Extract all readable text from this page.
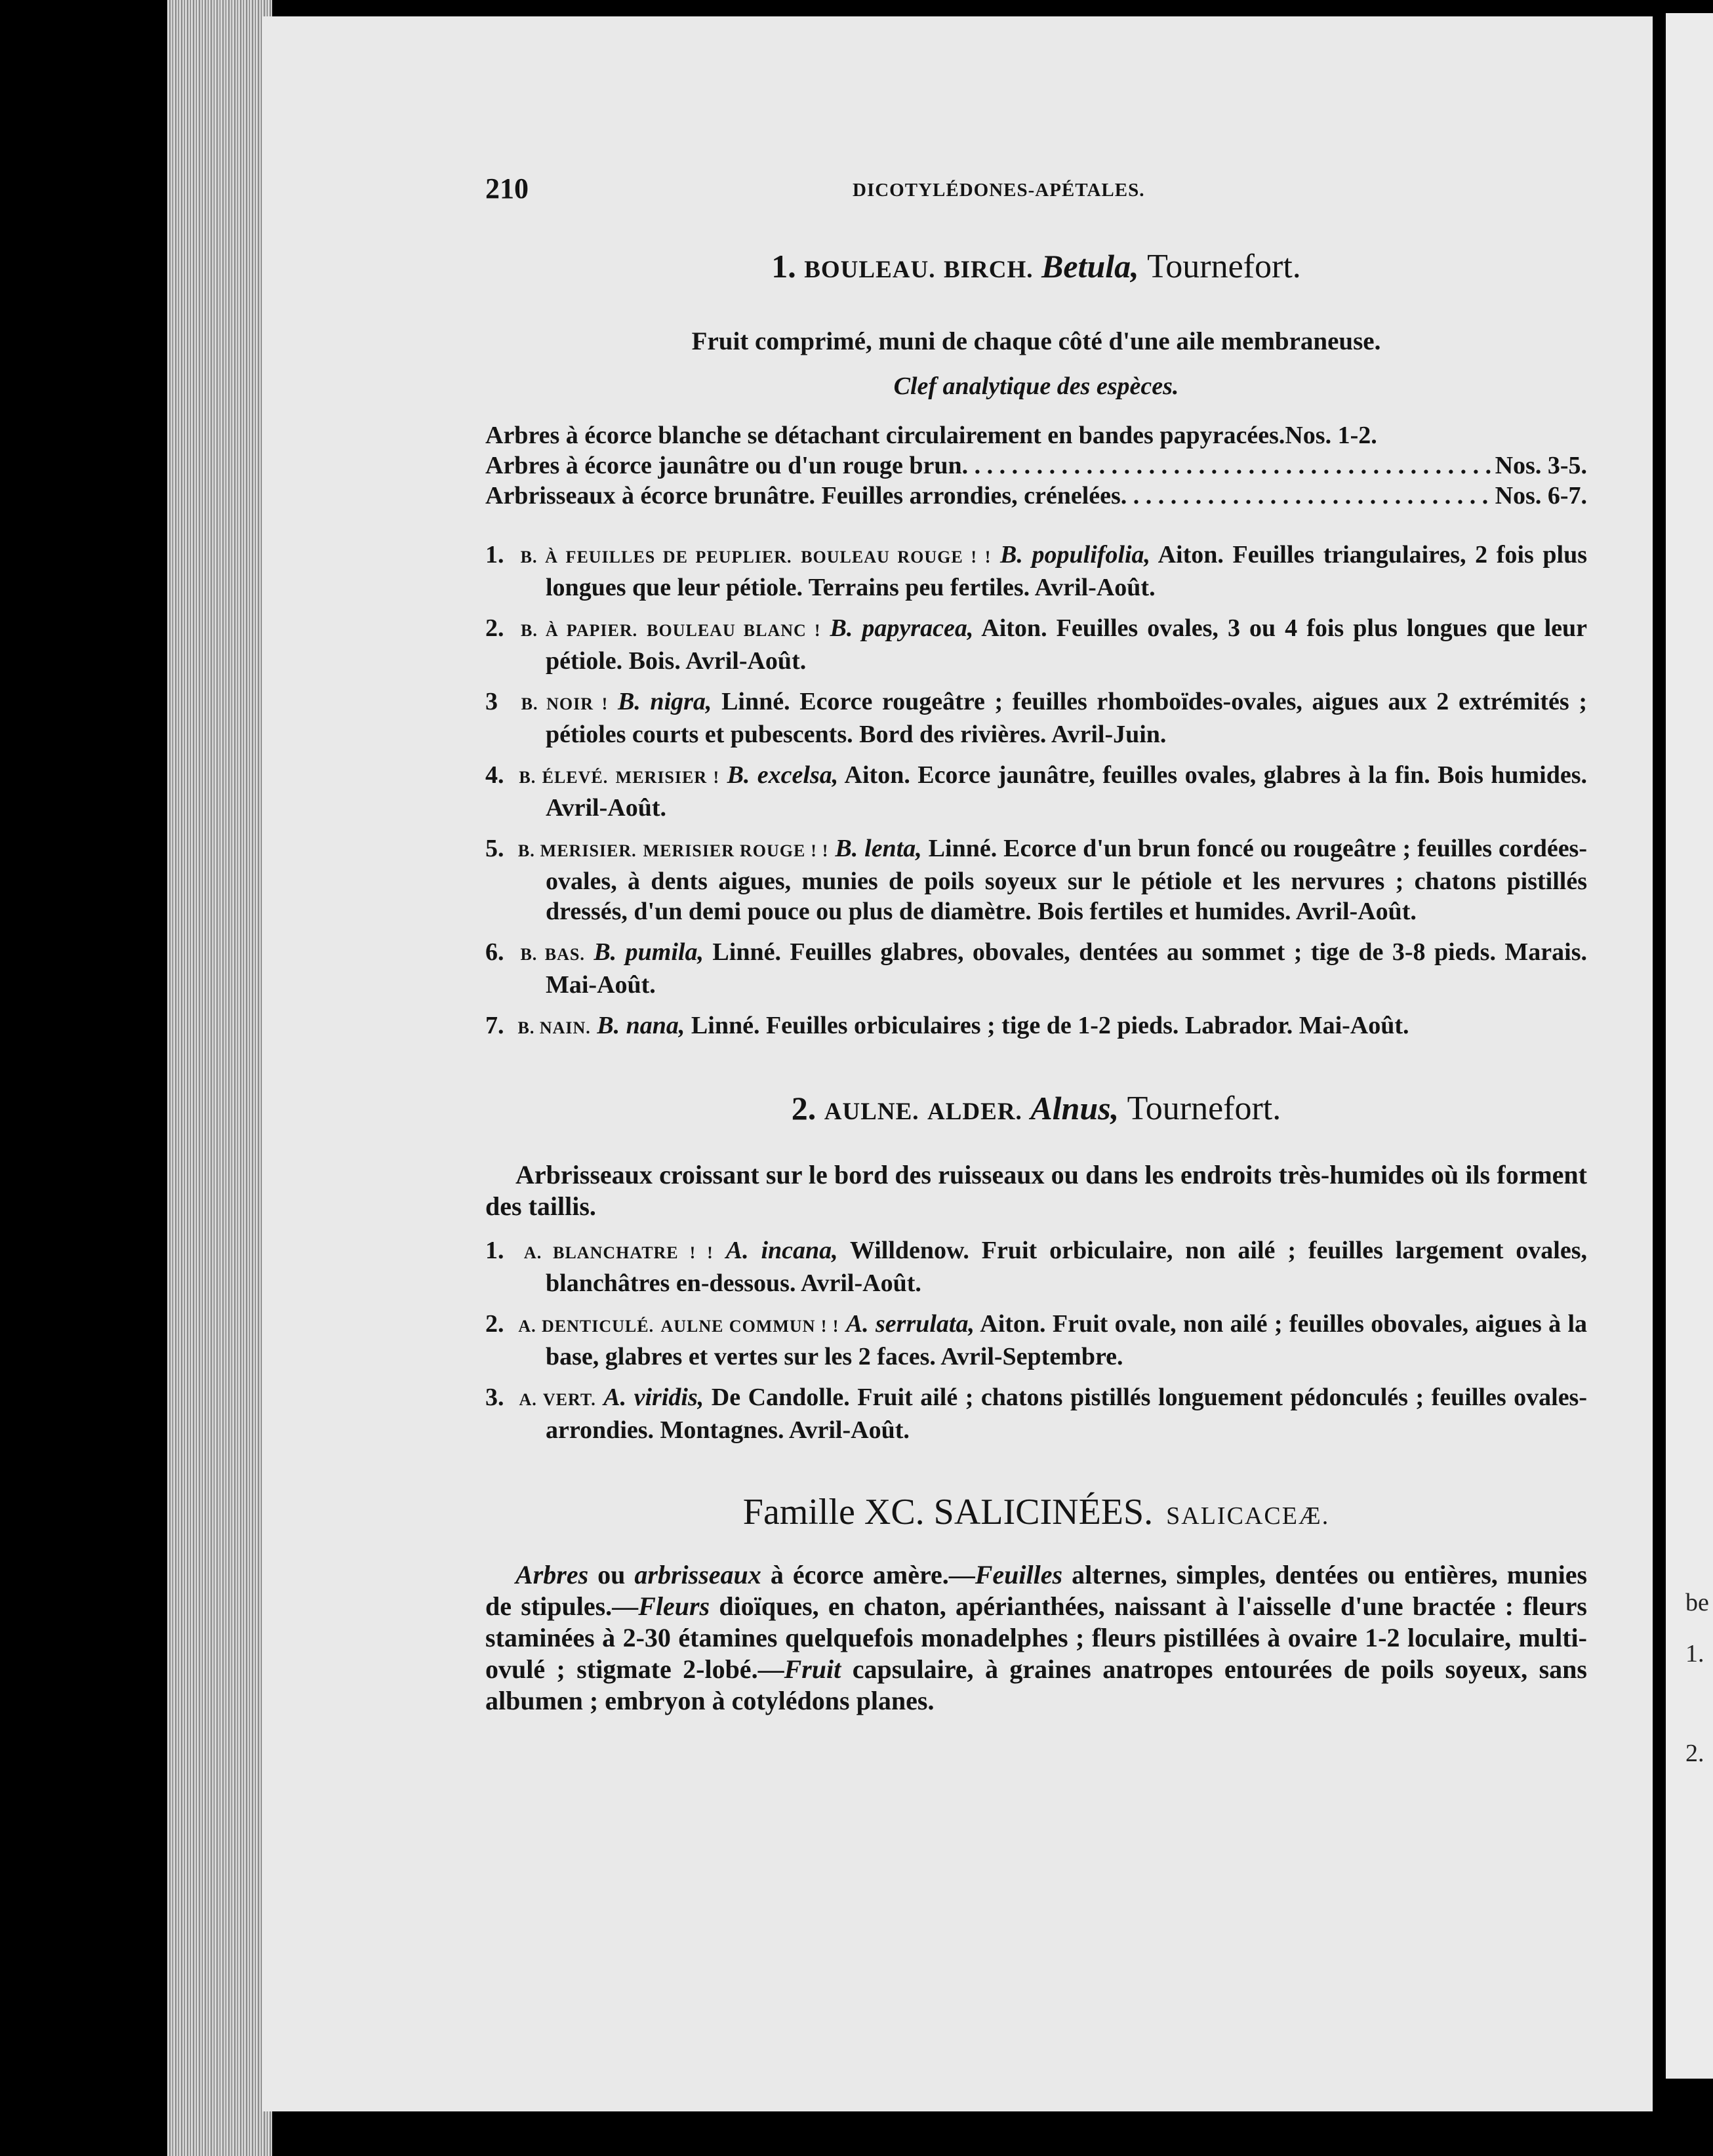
be
1.
2.
210	DICOTYLÉDONES-APÉTALES.
1. BOULEAU. BIRCH. Betula, Tournefort.
Fruit comprimé, muni de chaque côté d'une aile membraneuse.
Clef analytique des espèces.
Arbres à écorce blanche se détachant circulairement en bandes papyracées .Nos. 1-2.
Arbres à écorce jaunâtre ou d'un rouge brun . . .	Nos. 3-5.
Arbrisseaux à écorce brunâtre. Feuilles arrondies, crénelées . . .	Nos. 6-7.
1. B. À FEUILLES DE PEUPLIER. BOULEAU ROUGE ! ! B. populifolia, Aiton. Feuilles triangulaires, 2 fois plus longues que leur pétiole. Terrains peu fertiles. Avril-Août.
2. B. À PAPIER. BOULEAU BLANC ! B. papyracea, Aiton. Feuilles ovales, 3 ou 4 fois plus longues que leur pétiole. Bois. Avril-Août.
3 B. NOIR ! B. nigra, Linné. Ecorce rougeâtre ; feuilles rhomboïdes-ovales, aigues aux 2 extrémités ; pétioles courts et pubescents. Bord des rivières. Avril-Juin.
4. B. ÉLEVÉ. MERISIER ! B. excelsa, Aiton. Ecorce jaunâtre, feuilles ovales, glabres à la fin. Bois humides. Avril-Août.
5. B. MERISIER. MERISIER ROUGE ! ! B. lenta, Linné. Ecorce d'un brun foncé ou rougeâtre ; feuilles cordées-ovales, à dents aigues, munies de poils soyeux sur le pétiole et les nervures ; chatons pistillés dressés, d'un demi pouce ou plus de diamètre. Bois fertiles et humides. Avril-Août.
6. B. BAS. B. pumila, Linné. Feuilles glabres, obovales, dentées au sommet ; tige de 3-8 pieds. Marais. Mai-Août.
7. B. NAIN. B. nana, Linné. Feuilles orbiculaires ; tige de 1-2 pieds. Labrador. Mai-Août.
2. AULNE. ALDER. Alnus, Tournefort.
Arbrisseaux croissant sur le bord des ruisseaux ou dans les endroits très-humides où ils forment des taillis.
1. A. BLANCHATRE ! ! A. incana, Willdenow. Fruit orbiculaire, non ailé ; feuilles largement ovales, blanchâtres en-dessous. Avril-Août.
2. A. DENTICULÉ. AULNE COMMUN ! ! A. serrulata, Aiton. Fruit ovale, non ailé ; feuilles obovales, aigues à la base, glabres et vertes sur les 2 faces. Avril-Septembre.
3. A. VERT. A. viridis, De Candolle. Fruit ailé ; chatons pistillés longuement pédonculés ; feuilles ovales-arrondies. Montagnes. Avril-Août.
Famille XC. SALICINÉES. SALICACEÆ.
Arbres ou arbrisseaux à écorce amère.—Feuilles alternes, simples, dentées ou entières, munies de stipules.—Fleurs dioïques, en chaton, apérianthées, naissant à l'aisselle d'une bractée : fleurs staminées à 2-30 étamines quelquefois monadelphes ; fleurs pistillées à ovaire 1-2 loculaire, multi-ovulé ; stigmate 2-lobé.—Fruit capsulaire, à graines anatropes entourées de poils soyeux, sans albumen ; embryon à cotylédons planes.
